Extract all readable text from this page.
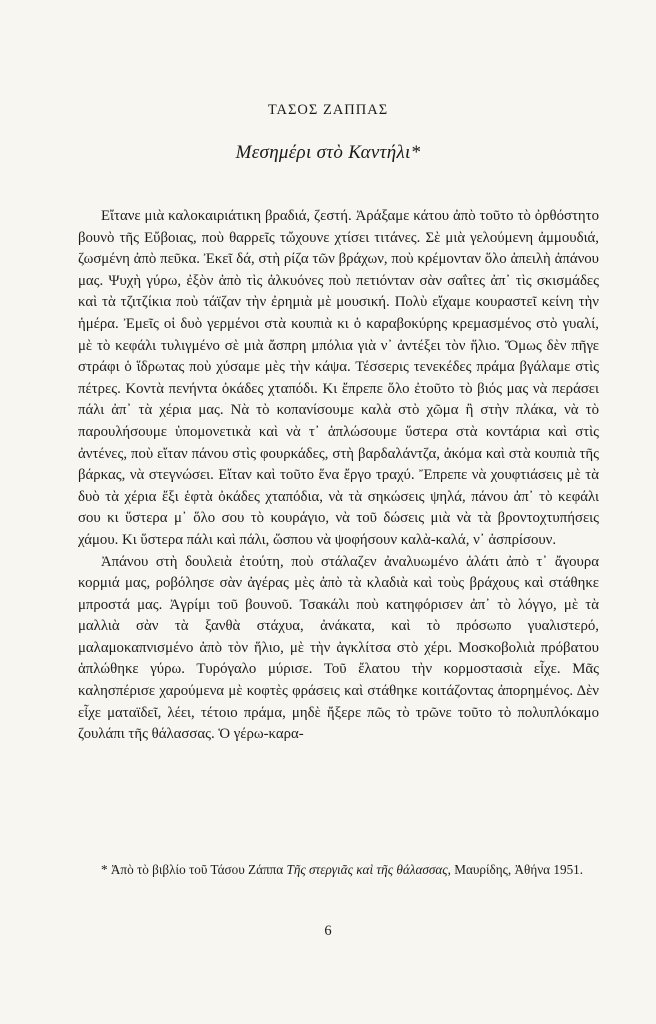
ΤΑΣΟΣ ΖΑΠΠΑΣ
Μεσημέρι στὸ Καντήλι*

Εἴτανε μιὰ καλοκαιριάτικη βραδιά, ζεστή. Ἀράξαμε κάτου ἀπὸ τοῦτο τὸ ὀρθόστητο βουνὸ τῆς Εὔβοιας, ποὺ θαρρεῖς τὤχουνε χτίσει τιτάνες. Σὲ μιὰ γελούμενη ἀμμουδιά, ζωσμένη ἀπὸ πεῦκα. Ἐκεῖ δά, στὴ ρίζα τῶν βράχων, ποὺ κρέμονταν ὅλο ἀπειλὴ ἀπάνου μας. Ψυχὴ γύρω, ἐξὸν ἀπὸ τὶς ἀλκυόνες ποὺ πετιόνταν σὰν σαΐτες ἀπ᾽ τὶς σκισμάδες καὶ τὰ τζιτζίκια ποὺ τάϊζαν τὴν ἐρημιὰ μὲ μουσική. Πολὺ εἴχαμε κουραστεῖ κείνη τὴν ἡμέρα. Ἐμεῖς οἱ δυὸ γερμένοι στὰ κουπιὰ κι ὁ καραβοκύρης κρεμασμένος στὸ γυαλί, μὲ τὸ κεφάλι τυλιγμένο σὲ μιὰ ἄσπρη μπόλια γιὰ ν᾽ ἀντέξει τὸν ἥλιο. Ὅμως δὲν πῆγε στράφι ὁ ἵδρωτας ποὺ χύσαμε μὲς τὴν κάψα. Τέσσερις τενεκέδες πράμα βγάλαμε στὶς πέτρες. Κοντὰ πενήντα ὀκάδες χταπόδι. Κι ἔπρεπε ὅλο ἐτοῦτο τὸ βιός μας νὰ περάσει πάλι ἀπ᾽ τὰ χέρια μας. Νὰ τὸ κοπανίσουμε καλὰ στὸ χῶμα ἢ στὴν πλάκα, νὰ τὸ παρουλήσουμε ὑπομονετικὰ καὶ νὰ τ᾽ ἁπλώσουμε ὕστερα στὰ κοντάρια καὶ στὶς ἀντένες, ποὺ εἴταν πάνου στὶς φουρκάδες, στὴ βαρδαλάντζα, ἀκόμα καὶ στὰ κουπιὰ τῆς βάρκας, νὰ στεγνώσει. Εἴταν καὶ τοῦτο ἕνα ἔργο τραχύ. Ἔπρεπε νὰ χουφτιάσεις μὲ τὰ δυὸ τὰ χέρια ἔξι ἑφτὰ ὀκάδες χταπόδια, νὰ τὰ σηκώσεις ψηλά, πάνου ἀπ᾽ τὸ κεφάλι σου κι ὕστερα μ᾽ ὅλο σου τὸ κουράγιο, νὰ τοῦ δώσεις μιὰ νὰ τὰ βροντοχτυπήσεις χάμου. Κι ὕστερα πάλι καὶ πάλι, ὥσπου νὰ ψοφήσουν καλὰ-καλά, ν᾽ ἀσπρίσουν.

Ἀπάνου στὴ δουλειὰ ἐτούτη, ποὺ στάλαζεν ἀναλυωμένο ἁλάτι ἀπὸ τ᾽ ἄγουρα κορμιά μας, ροβόλησε σὰν ἀγέρας μὲς ἀπὸ τὰ κλαδιὰ καὶ τοὺς βράχους καὶ στάθηκε μπροστά μας. Ἀγρίμι τοῦ βουνοῦ. Τσακάλι ποὺ κατηφόρισεν ἀπ᾽ τὸ λόγγο, μὲ τὰ μαλλιὰ σὰν τὰ ξανθὰ στάχυα, ἀνάκατα, καὶ τὸ πρόσωπο γυαλιστερό, μαλαμοκαπνισμένο ἀπὸ τὸν ἥλιο, μὲ τὴν ἀγκλίτσα στὸ χέρι. Μοσκοβολιὰ πρόβατου ἁπλώθηκε γύρω. Τυρόγαλο μύρισε. Τοῦ ἔλατου τὴν κορμοστασιὰ εἶχε. Μᾶς καλησπέρισε χαρούμενα μὲ κοφτὲς φράσεις καὶ στάθηκε κοιτάζοντας ἀπορημένος. Δὲν εἶχε ματαϊδεῖ, λέει, τέτοιο πράμα, μηδὲ ἤξερε πῶς τὸ τρῶνε τοῦτο τὸ πολυπλόκαμο ζουλάπι τῆς θάλασσας. Ὁ γέρω-καρα-

* Ἀπὸ τὸ βιβλίο τοῦ Τάσου Ζάππα Τῆς στεργιᾶς καὶ τῆς θάλασσας, Μαυρίδης, Ἀθήνα 1951.
6
